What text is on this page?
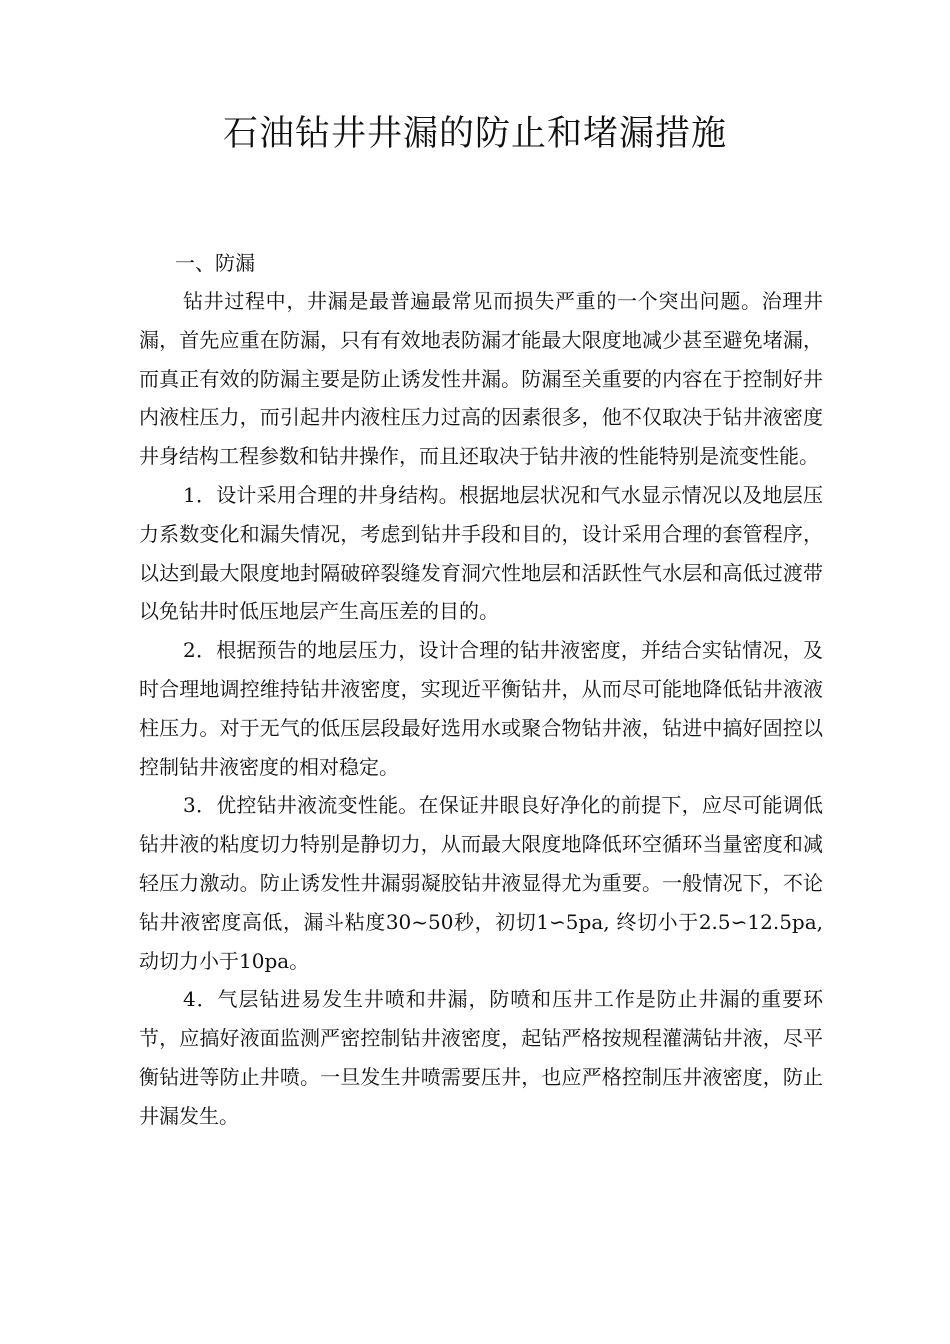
石油钻井井漏的防止和堵漏措施

一、防漏

钻井过程中，井漏是最普遍最常见而损失严重的一个突出问题。治理井漏，首先应重在防漏，只有有效地表防漏才能最大限度地减少甚至避免堵漏，而真正有效的防漏主要是防止诱发性井漏。防漏至关重要的内容在于控制好井内液柱压力，而引起井内液柱压力过高的因素很多，他不仅取决于钻井液密度井身结构工程参数和钻井操作，而且还取决于钻井液的性能特别是流变性能。

1．设计采用合理的井身结构。根据地层状况和气水显示情况以及地层压力系数变化和漏失情况，考虑到钻井手段和目的，设计采用合理的套管程序，以达到最大限度地封隔破碎裂缝发育洞穴性地层和活跃性气水层和高低过渡带以免钻井时低压地层产生高压差的目的。

2．根据预告的地层压力，设计合理的钻井液密度，并结合实钻情况，及时合理地调控维持钻井液密度，实现近平衡钻井，从而尽可能地降低钻井液液柱压力。对于无气的低压层段最好选用水或聚合物钻井液，钻进中搞好固控以控制钻井液密度的相对稳定。

3．优控钻井液流变性能。在保证井眼良好净化的前提下，应尽可能调低钻井液的粘度切力特别是静切力，从而最大限度地降低环空循环当量密度和减轻压力激动。防止诱发性井漏弱凝胶钻井液显得尤为重要。一般情况下，不论钻井液密度高低，漏斗粘度30~50秒，初切1∽5pa, 终切小于2.5∽12.5pa, 动切力小于10pa。

4．气层钻进易发生井喷和井漏，防喷和压井工作是防止井漏的重要环节，应搞好液面监测严密控制钻井液密度，起钻严格按规程灌满钻井液，尽平衡钻进等防止井喷。一旦发生井喷需要压井，也应严格控制压井液密度，防止井漏发生。
